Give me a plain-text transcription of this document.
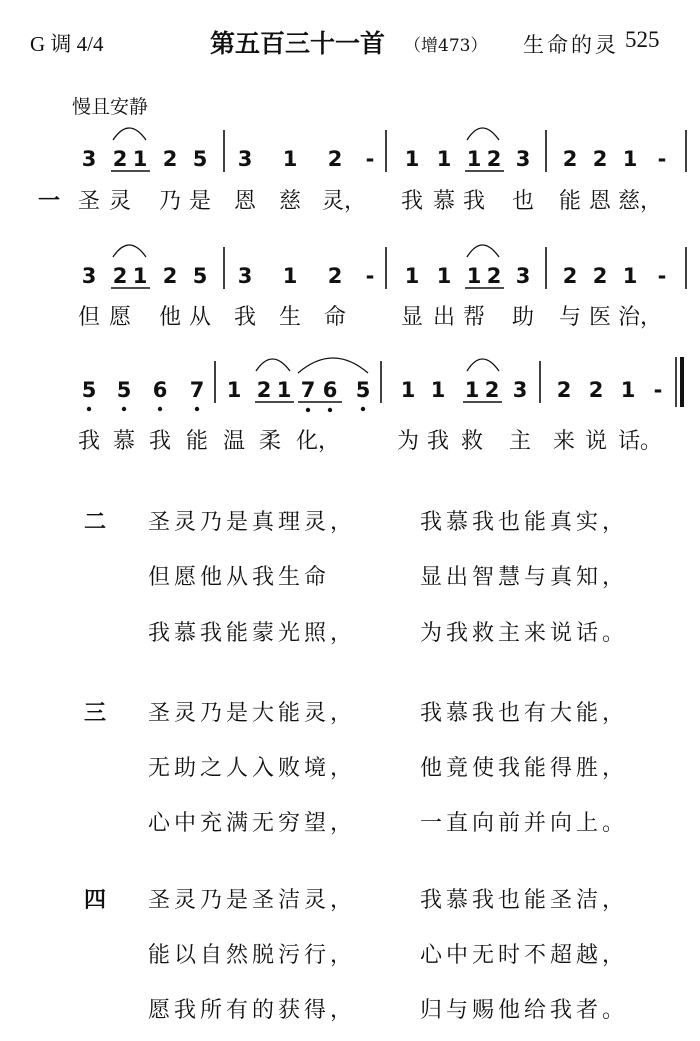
G 调 4/4	第五百三十一首 （增473） 生命的灵 525
慢且安静
3 2 1 2 5 3 1 2 - 1 1 1 2 3 2 2 1 -
一 圣 灵 乃 是 恩 慈 灵， 我 慕 我 也 能 恩 慈，
3 2 1 2 5 3 1 2 - 1 1 1 2 3 2 2 1 -
但 愿 他 从 我 生 命 显 出 帮 助 与 医 治，
5 5 6 7 1 2 1 7 6 5 1 1 1 2 3 2 2 1 -
我 慕 我 能 温 柔 化，	为 我 救 主 来 说 话。
二 圣灵乃是真理灵，	我慕我也能真实，
但愿他从我生命	显出智慧与真知，
我慕我能蒙光照，	为我救主来说话。
三 圣灵乃是大能灵，	我慕我也有大能，
无助之人入败境，	他竟使我能得胜，
心中充满无穷望，	一直向前并向上。
四 圣灵乃是圣洁灵，	我慕我也能圣洁，
能以自然脱污行，	心中无时不超越，
愿我所有的获得，	归与赐他给我者。
